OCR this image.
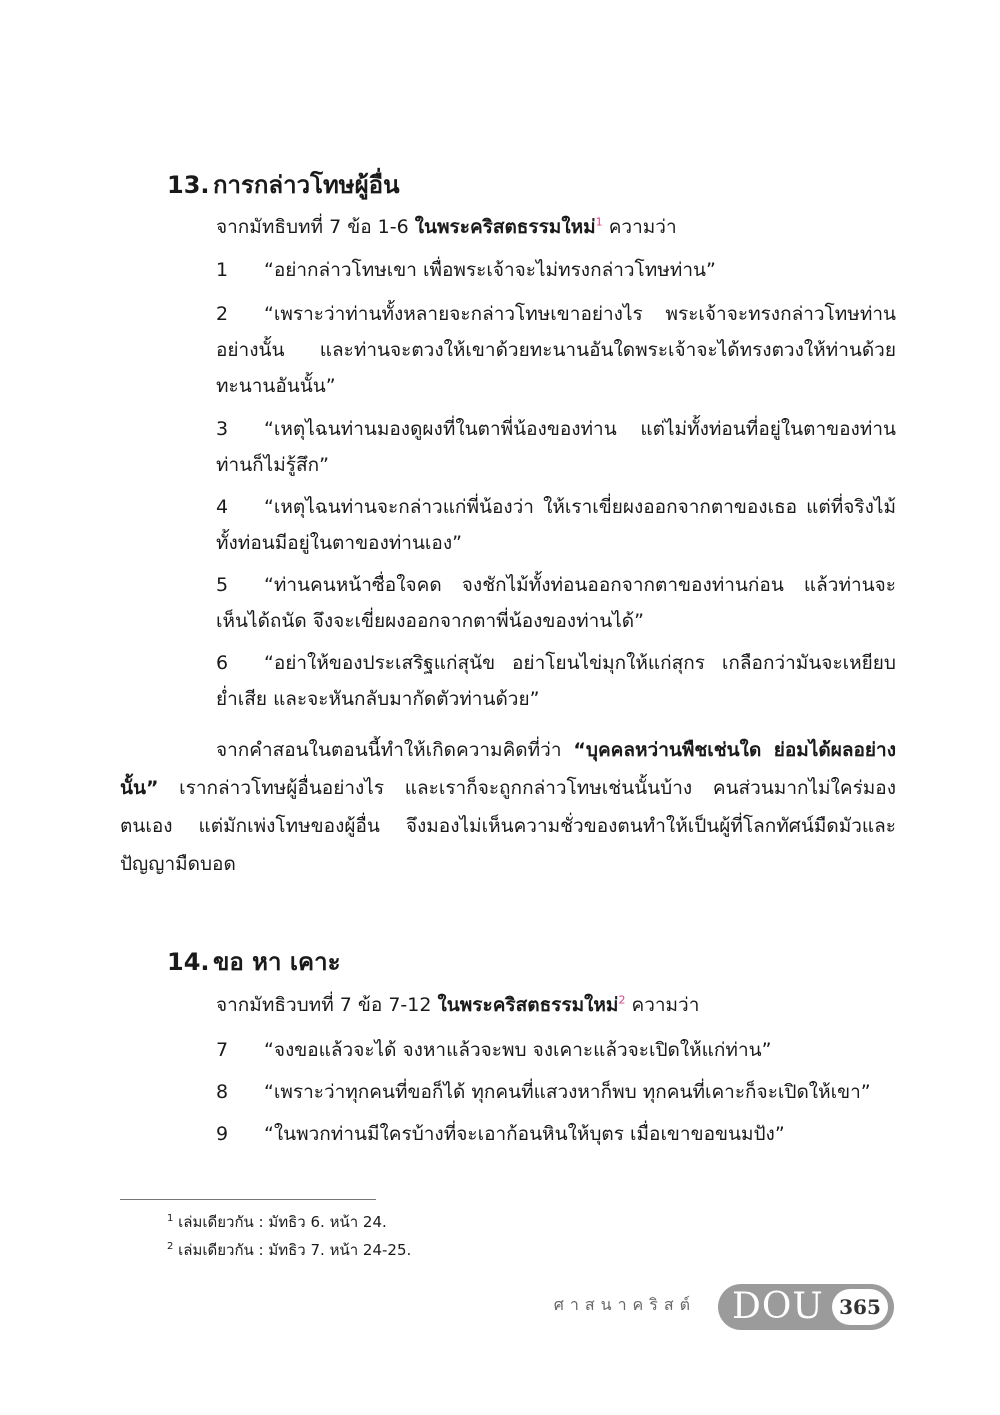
13. การกล่าวโทษผู้อื่น
จากมัทธิบทที่ 7 ข้อ 1-6 ในพระคริสตธรรมใหม่$^1$ ความว่า
1 “อย่ากล่าวโทษเขา เพื่อพระเจ้าจะไม่ทรงกล่าวโทษท่าน”
2 “เพราะว่าท่านทั้งหลายจะกล่าวโทษเขาอย่างไร พระเจ้าจะทรงกล่าวโทษท่านอย่างนั้น และท่านจะตวงให้เขาด้วยทะนานอันใดพระเจ้าจะได้ทรงตวงให้ท่านด้วยทะนานอันนั้น”
3 “เหตุไฉนท่านมองดูผงที่ในตาพี่น้องของท่าน แต่ไม่ทั้งท่อนที่อยู่ในตาของท่านท่านก็ไม่รู้สึก”
4 “เหตุไฉนท่านจะกล่าวแก่พี่น้องว่า ให้เราเขี่ยผงออกจากตาของเธอ แต่ที่จริงไม้ทั้งท่อนมีอยู่ในตาของท่านเอง”
5 “ท่านคนหน้าซื่อใจคด จงชักไม้ทั้งท่อนออกจากตาของท่านก่อน แล้วท่านจะเห็นได้ถนัด จึงจะเขี่ยผงออกจากตาพี่น้องของท่านได้”
6 “อย่าให้ของประเสริฐแก่สุนัข อย่าโยนไข่มุกให้แก่สุกร เกลือกว่ามันจะเหยียบย่ำเสีย และจะหันกลับมากัดตัวท่านด้วย”
จากคำสอนในตอนนี้ทำให้เกิดความคิดที่ว่า “บุคคลหว่านพืชเช่นใด ย่อมได้ผลอย่างนั้น” เรากล่าวโทษผู้อื่นอย่างไร และเราก็จะถูกกล่าวโทษเช่นนั้นบ้าง คนส่วนมากไม่ใคร่มองตนเอง แต่มักเพ่งโทษของผู้อื่น จึงมองไม่เห็นความชั่วของตนทำให้เป็นผู้ที่โลกทัศน์มืดมัวและปัญญามืดบอด
14. ขอ หา เคาะ
จากมัทธิวบทที่ 7 ข้อ 7-12 ในพระคริสตธรรมใหม่$^2$ ความว่า
7 “จงขอแล้วจะได้ จงหาแล้วจะพบ จงเคาะแล้วจะเปิดให้แก่ท่าน”
8 “เพราะว่าทุกคนที่ขอก็ได้ ทุกคนที่แสวงหาก็พบ ทุกคนที่เคาะก็จะเปิดให้เขา”
9 “ในพวกท่านมีใครบ้างที่จะเอาก้อนหินให้บุตร เมื่อเขาขอขนมปัง”
$^1$ เล่มเดียวกัน : มัทธิว 6. หน้า 24.
$^2$ เล่มเดียวกัน : มัทธิว 7. หน้า 24-25.
ศาสนาคริสต์ DOU 365
